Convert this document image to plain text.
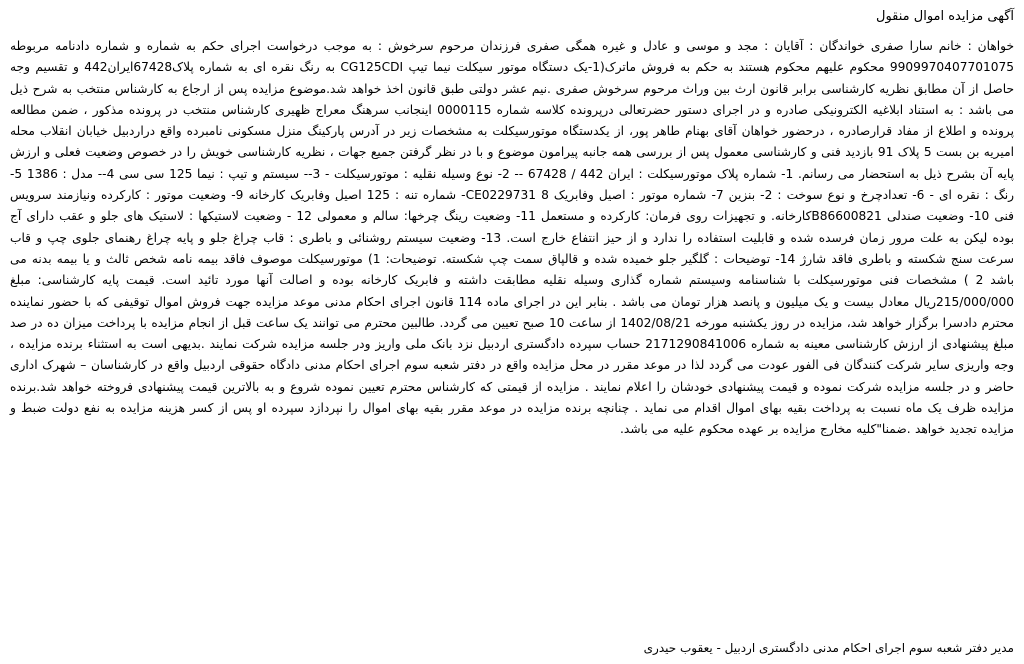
آگهی مزایده اموال منقول

خواهان : خانم سارا صفری خواندگان : آقایان : مجد و موسی و عادل و غیره همگی صفری فرزندان مرحوم سرخوش : به موجب درخواست اجرای حکم به شماره و شماره دادنامه مربوطه 9909970407701075 محکوم علیهم محکوم هستند به حکم به فروش ماترک(1-یک دستگاه موتور سیکلت نیما تیپ CG125CDI به رنگ نقره ای به شماره پلاک67428ایران442 و تقسیم وجه حاصل از آن مطابق نظریه کارشناسی برابر قانون ارث بین وراث مرحوم سرخوش صفری .نیم عشر دولتی طبق قانون اخذ خواهد شد.موضوع مزایده پس از ارجاع به کارشناس منتخب به شرح ذیل می باشد : به استناد ابلاغیه الکترونیکی صادره و در اجرای دستور حضرتعالی درپرونده کلاسه شماره 0000115 اینجانب سرهنگ معراج ظهیری کارشناس منتخب در پرونده مذکور ، ضمن مطالعه پرونده و اطلاع از مفاد قرارصادره ، درحضور خواهان آقای بهنام طاهر پور، از یکدستگاه موتورسیکلت به مشخصات زیر در آدرس پارکینگ منزل مسکونی نامبرده واقع دراردبیل خیابان انقلاب محله امیریه بن بست 5 پلاک 91 بازدید فنی و کارشناسی معمول پس از بررسی همه جانبه پیرامون موضوع و با در نظر گرفتن جمیع جهات ، نظریه کارشناسی خویش را در خصوص وضعیت فعلی و ارزش پایه آن بشرح ذیل به استحضار می رسانم. 1- شماره پلاک موتورسیکلت : ایران 442 / 67428 -- 2- نوع وسیله نقلیه : موتورسیکلت - 3-- سیستم و تیپ : نیما 125 سی سی 4-- مدل : 1386 5- رنگ : نقره ای - 6- تعدادچرخ و نوع سوخت : 2- بنزین 7- شماره موتور : اصیل وفابریک CE0229731 8- شماره تنه : 125 اصیل وفابریک کارخانه 9- وضعیت موتور : کارکرده ونیازمند سرویس فنی 10- وضعیت صندلی B86600821کارخانه. و تجهیزات روی فرمان: کارکرده و مستعمل 11- وضعیت رینگ چرخها: سالم و معمولی 12 - وضعیت لاستیکها : لاستیک های جلو و عقب دارای آج بوده لیکن به علت مرور زمان فرسده شده و قابلیت استفاده را ندارد و از حیز انتفاع خارج است. 13- وضعیت سیستم روشنائی و باطری : قاب چراغ جلو و پایه چراغ رهنمای جلوی چپ و قاب سرعت سنج شکسته و باطری فاقد شارژ 14- توضیحات : گلگیر جلو خمیده شده و قالپاق سمت چپ شکسته. توضیحات: 1) موتورسیکلت موصوف فاقد بیمه نامه شخص ثالث و یا بیمه بدنه می باشد 2 ) مشخصات فنی موتورسیکلت با شناسنامه وسیستم شماره گذاری وسیله نقلیه مطابقت داشته و فابریک کارخانه بوده و اصالت آنها مورد تائید است. قیمت پایه کارشناسی: مبلغ 215/000/000ریال معادل بیست و یک میلیون و پانصد هزار تومان می باشد . بنابر این در اجرای ماده 114 قانون اجرای احکام مدنی موعد مزایده جهت فروش اموال توقیفی که با حضور نماینده محترم دادسرا برگزار خواهد شد، مزایده در روز یکشنبه مورخه 1402/08/21 از ساعت 10 صبح تعیین می گردد. طالبین محترم می توانند یک ساعت قبل از انجام مزایده با پرداخت میزان ده در صد مبلغ پیشنهادی از ارزش کارشناسی معینه به شماره 2171290841006 حساب سپرده دادگستری اردبیل نزد بانک ملی واریز ودر جلسه مزایده شرکت نمایند .بدیهی است به استثناء برنده مزایده ، وجه واریزی سایر شرکت کنندگان فی الفور عودت می گردد لذا در موعد مقرر در محل مزایده واقع در دفتر شعبه سوم اجرای احکام مدنی دادگاه حقوقی اردبیل واقع در کارشناسان – شهرک اداری حاضر و در جلسه مزایده شرکت نموده و قیمت پیشنهادی خودشان را اعلام نمایند . مزایده از قیمتی که کارشناس محترم تعیین نموده شروع و به بالاترین قیمت پیشنهادی فروخته خواهد شد.برنده مزایده ظرف یک ماه نسبت به پرداخت بقیه بهای اموال اقدام می نماید . چنانچه برنده مزایده در موعد مقرر بقیه بهای اموال را نپردازد سپرده او پس از کسر هزینه مزایده به نفع دولت ضبط و مزایده تجدید خواهد .ضمنا"کلیه مخارج مزایده بر عهده محکوم علیه می باشد.

مدیر دفتر شعبه سوم اجرای احکام مدنی دادگستری اردبیل - یعقوب حیدری
